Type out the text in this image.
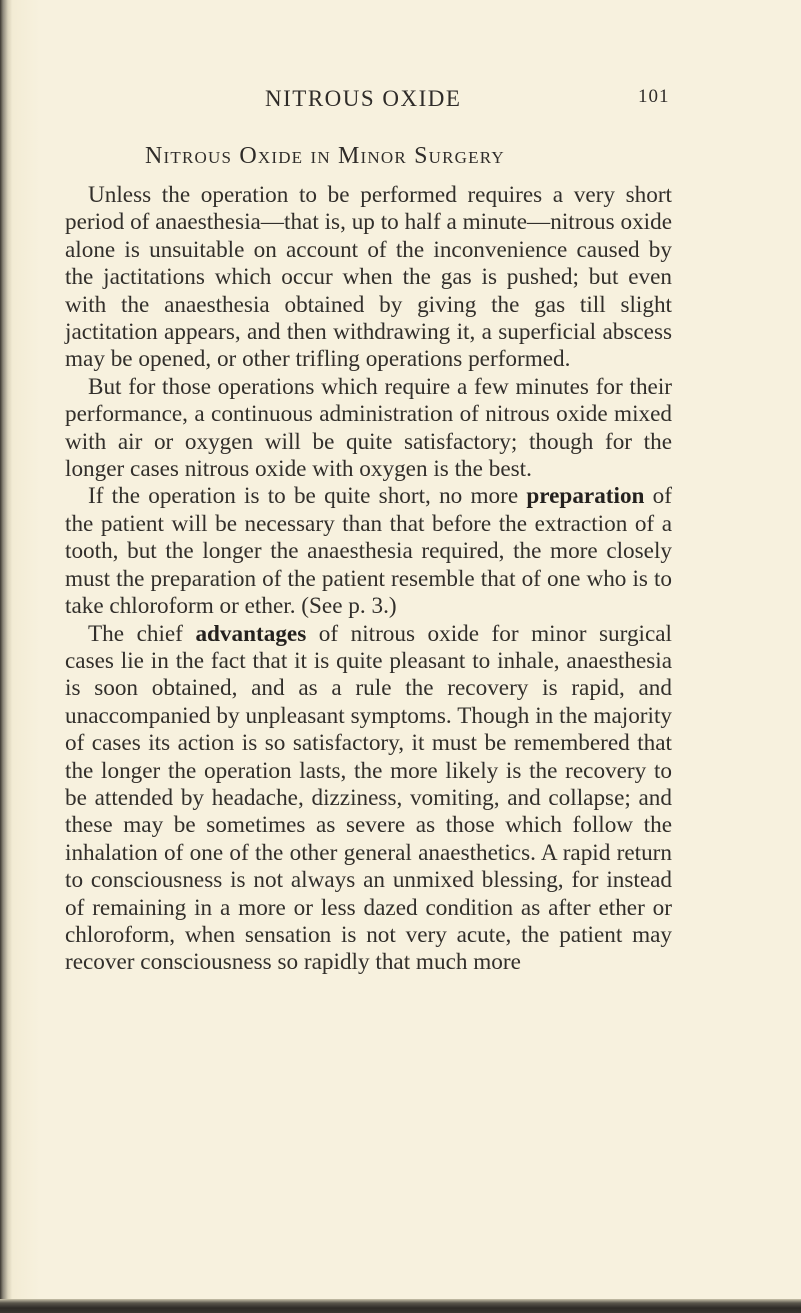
NITROUS OXIDE	101
Nitrous Oxide in Minor Surgery

Unless the operation to be performed requires a very short period of anaesthesia—that is, up to half a minute—nitrous oxide alone is unsuitable on account of the inconvenience caused by the jactitations which occur when the gas is pushed; but even with the anaesthesia obtained by giving the gas till slight jactitation appears, and then withdrawing it, a superficial abscess may be opened, or other trifling operations performed.

But for those operations which require a few minutes for their performance, a continuous administration of nitrous oxide mixed with air or oxygen will be quite satisfactory; though for the longer cases nitrous oxide with oxygen is the best.

If the operation is to be quite short, no more preparation of the patient will be necessary than that before the extraction of a tooth, but the longer the anaesthesia required, the more closely must the preparation of the patient resemble that of one who is to take chloroform or ether. (See p. 3.)

The chief advantages of nitrous oxide for minor surgical cases lie in the fact that it is quite pleasant to inhale, anaesthesia is soon obtained, and as a rule the recovery is rapid, and unaccompanied by unpleasant symptoms. Though in the majority of cases its action is so satisfactory, it must be remembered that the longer the operation lasts, the more likely is the recovery to be attended by headache, dizziness, vomiting, and collapse; and these may be sometimes as severe as those which follow the inhalation of one of the other general anaesthetics. A rapid return to consciousness is not always an unmixed blessing, for instead of remaining in a more or less dazed condition as after ether or chloroform, when sensation is not very acute, the patient may recover consciousness so rapidly that much more
